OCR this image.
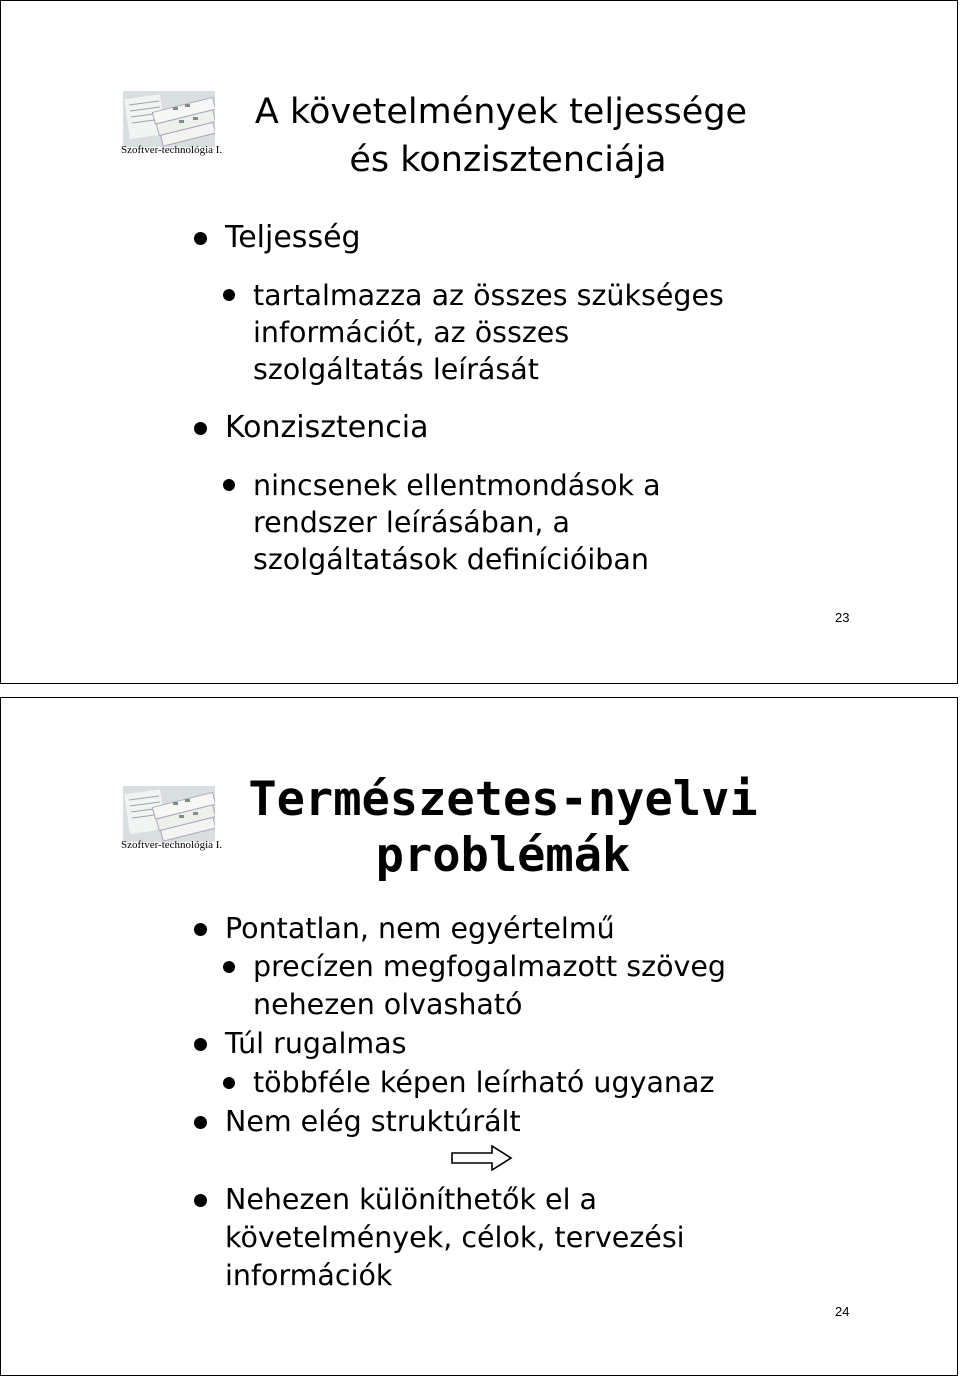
Szoftver-technológia I.
A követelmények teljessége
és konzisztenciája
Teljesség
tartalmazza az összes szükséges
információt, az összes
szolgáltatás leírását
Konzisztencia
nincsenek ellentmondások a
rendszer leírásában, a
szolgáltatások definícióiban
23
Szoftver-technológia I.
Természetes-nyelvi
problémák
Pontatlan, nem egyértelmű
precízen megfogalmazott szöveg
nehezen olvasható
Túl rugalmas
többféle képen leírható ugyanaz
Nem elég struktúrált
Nehezen különíthetők el a
követelmények, célok, tervezési
információk
24
